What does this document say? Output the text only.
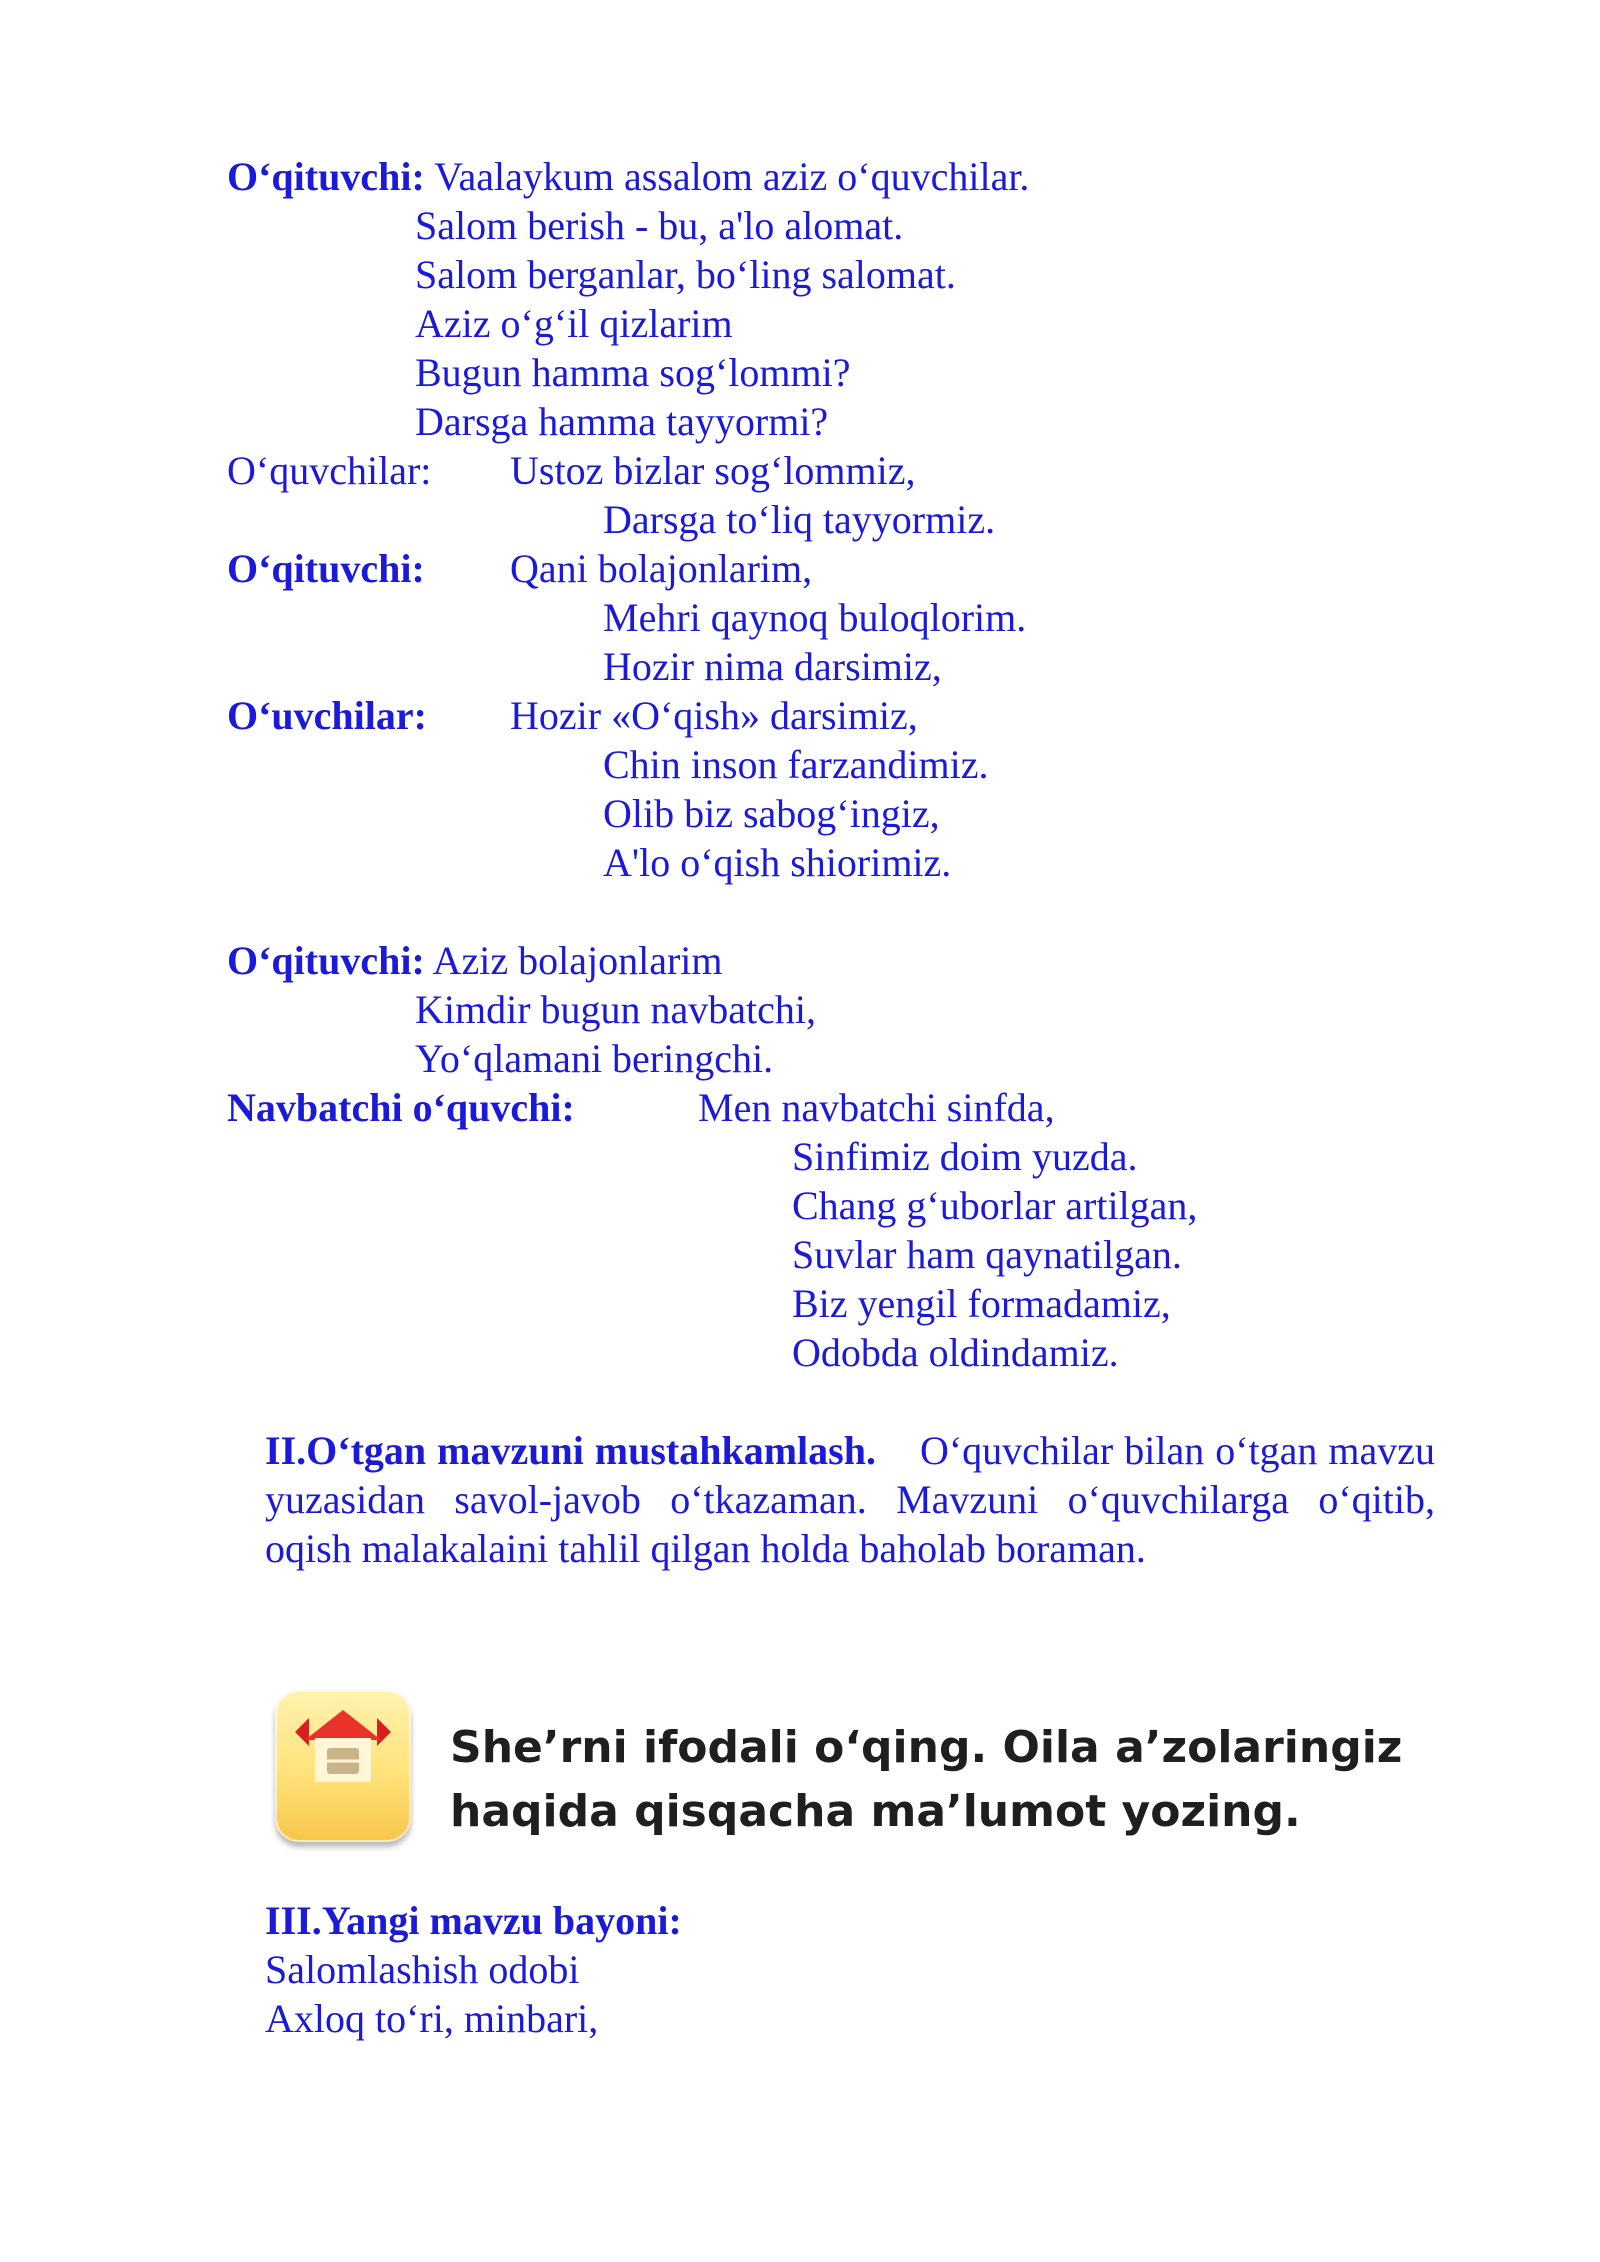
O‘qituvchi: Vaalaykum assalom aziz o‘quvchilar.
Salom berish - bu, a'lo alomat.
Salom berganlar, bo‘ling salomat.
Aziz o‘g‘il qizlarim
Bugun hamma sog‘lommi?
Darsga hamma tayyormi?
O‘quvchilar: Ustoz bizlar sog‘lommiz,
Darsga to‘liq tayyormiz.
O‘qituvchi: Qani bolajonlarim,
Mehri qaynoq buloqlorim.
Hozir nima darsimiz,
O‘uvchilar: Hozir «O‘qish» darsimiz,
Chin inson farzandimiz.
Olib biz sabog‘ingiz,
A'lo o‘qish shiorimiz.
O‘qituvchi: Aziz bolajonlarim
Kimdir bugun navbatchi,
Yo‘qlamani beringchi.
Navbatchi o‘quvchi:	Men navbatchi sinfda,
Sinfimiz doim yuzda.
Chang g‘uborlar artilgan,
Suvlar ham qaynatilgan.
Biz yengil formadamiz,
Odobda oldindamiz.
II.O‘tgan mavzuni mustahkamlash. O‘quvchilar bilan o‘tgan mavzu yuzasidan savol-javob o‘tkazaman. Mavzuni o‘quvchilarga o‘qitib, oqish malakalaini tahlil qilgan holda baholab boraman.
She’rni ifodali o‘qing. Oila a’zolaringiz
haqida qisqacha ma’lumot yozing.
III.Yangi mavzu bayoni:
Salomlashish odobi
Axloq to‘ri, minbari,
